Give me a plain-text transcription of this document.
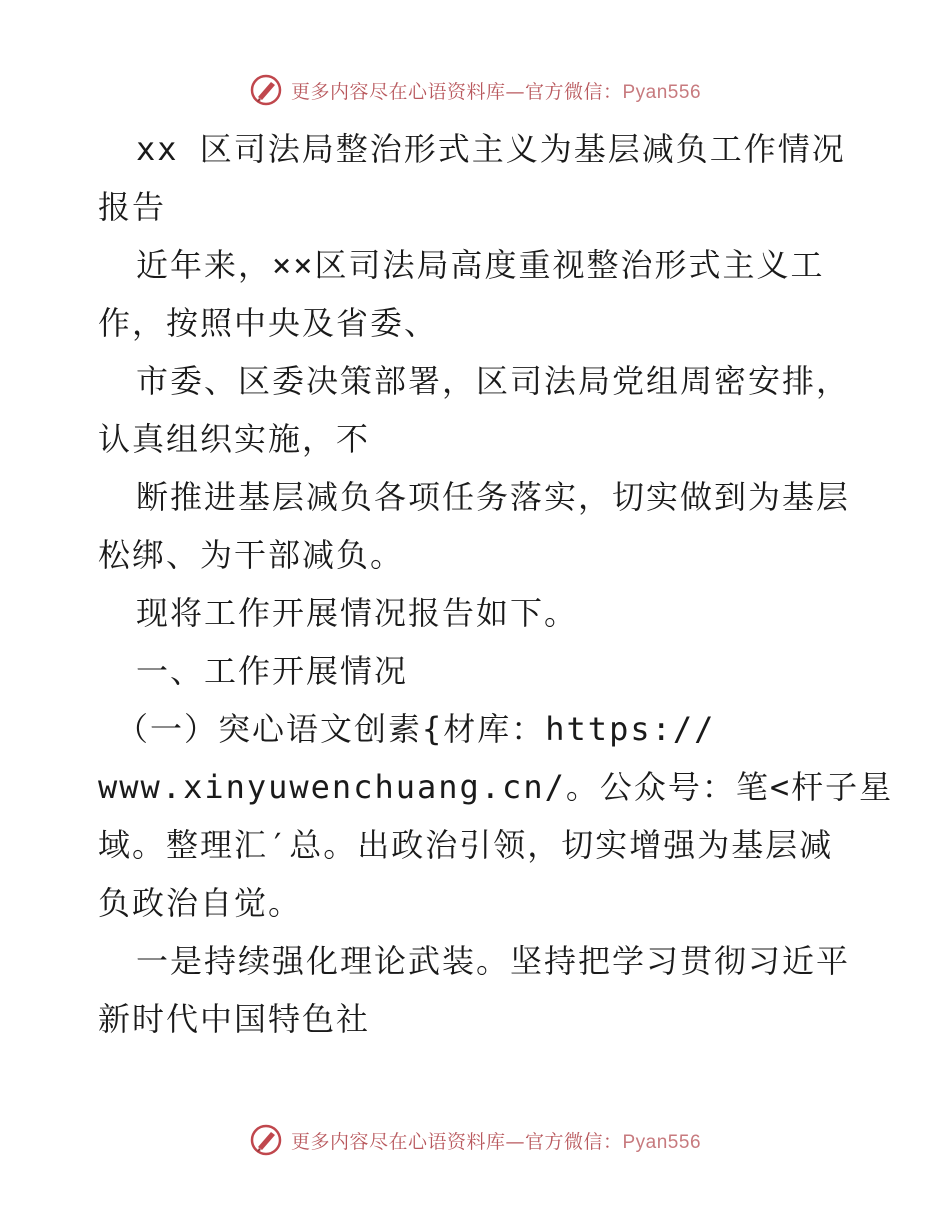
更多内容尽在心语资料库—官方微信：Pyan556
xx 区司法局整治形式主义为基层减负工作情况
报告
近年来，××区司法局高度重视整治形式主义工
作，按照中央及省委、
市委、区委决策部署，区司法局党组周密安排，
认真组织实施，不
断推进基层减负各项任务落实，切实做到为基层
松绑、为干部减负。
现将工作开展情况报告如下。
一、工作开展情况
（一）突心语文创素{材库：https://
www.xinyuwenchuang.cn/。公众号：笔<杆子星
域。整理汇′总。出政治引领，切实增强为基层减
负政治自觉。
一是持续强化理论武装。坚持把学习贯彻习近平
新时代中国特色社
更多内容尽在心语资料库—官方微信：Pyan556
